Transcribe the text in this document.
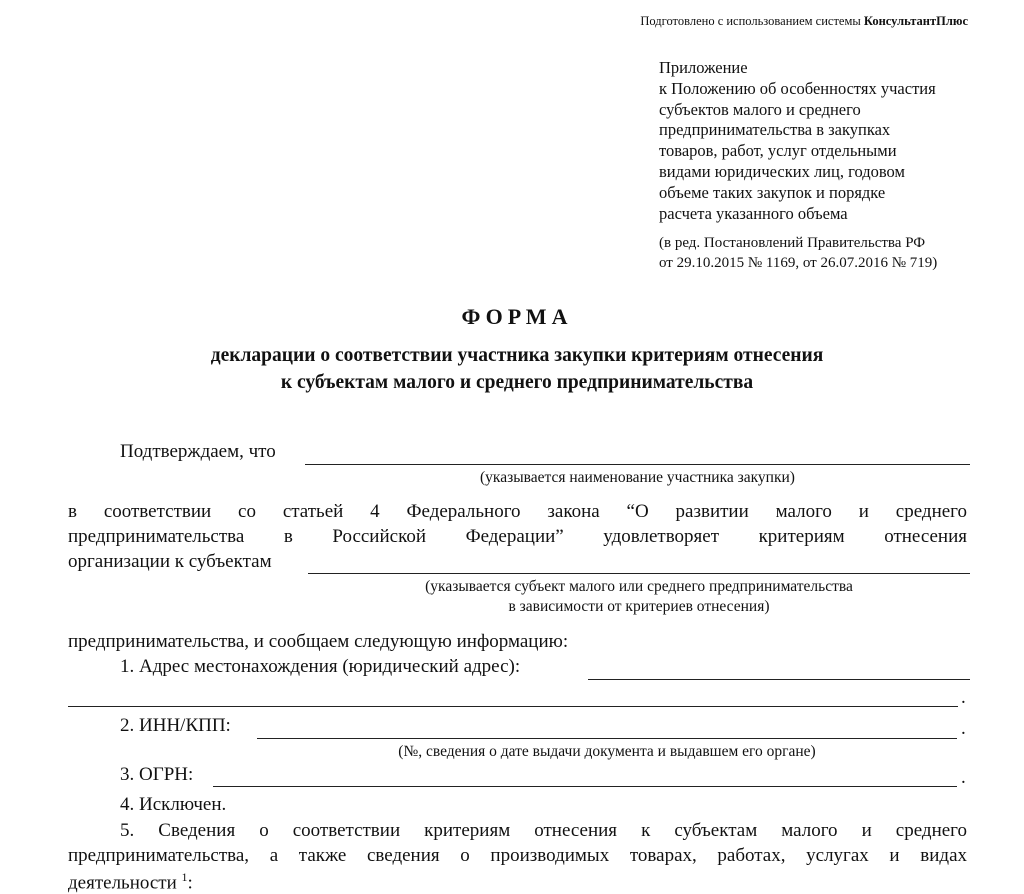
Подготовлено с использованием системы КонсультантПлюс
Приложение
к Положению об особенностях участия
субъектов малого и среднего
предпринимательства в закупках
товаров, работ, услуг отдельными
видами юридических лиц, годовом
объеме таких закупок и порядке
расчета указанного объема
(в ред. Постановлений Правительства РФ
от 29.10.2015 № 1169, от 26.07.2016 № 719)
ФОРМА
декларации о соответствии участника закупки критериям отнесения
к субъектам малого и среднего предпринимательства
Подтверждаем, что
(указывается наименование участника закупки)
в соответствии со статьей 4 Федерального закона “О развитии малого и среднего
предпринимательства в Российской Федерации” удовлетворяет критериям отнесения
организации к субъектам
(указывается субъект малого или среднего предпринимательства
в зависимости от критериев отнесения)
предпринимательства, и сообщаем следующую информацию:
1. Адрес местонахождения (юридический адрес):
.
2. ИНН/КПП:	.
(№, сведения о дате выдачи документа и выдавшем его органе)
3. ОГРН:	.
4. Исключен.
5. Сведения о соответствии критериям отнесения к субъектам малого и среднего
предпринимательства, а также сведения о производимых товарах, работах, услугах и видах
деятельности $^1$:
